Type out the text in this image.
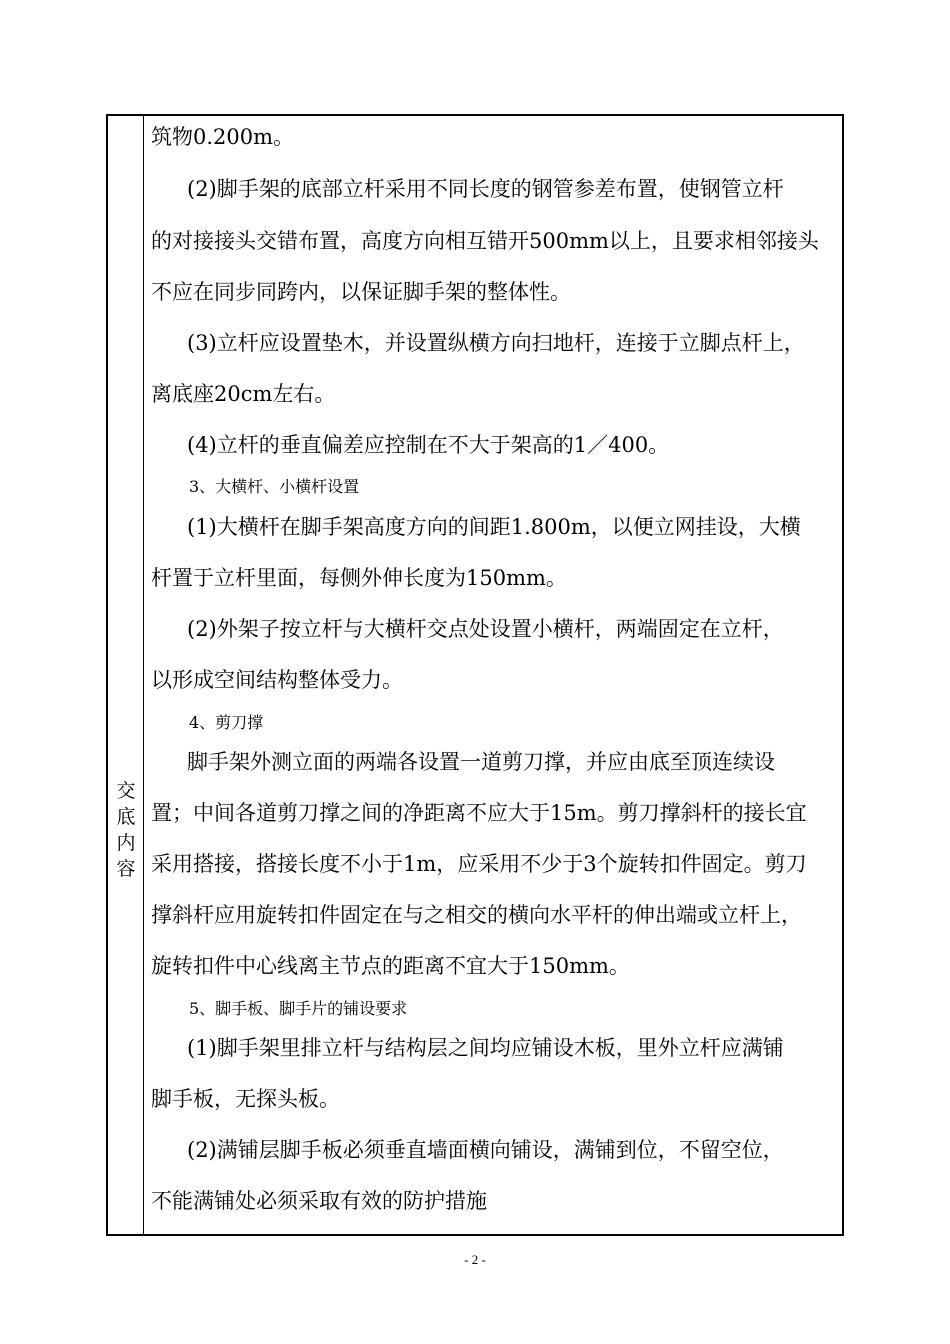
交
底
内
容
筑物0.200m。
(2)脚手架的底部立杆采用不同长度的钢管参差布置，使钢管立杆
的对接接头交错布置，高度方向相互错开500mm以上，且要求相邻接头
不应在同步同跨内，以保证脚手架的整体性。
(3)立杆应设置垫木，并设置纵横方向扫地杆，连接于立脚点杆上，
离底座20cm左右。
(4)立杆的垂直偏差应控制在不大于架高的1／400。
3、大横杆、小横杆设置
(1)大横杆在脚手架高度方向的间距1.800m，以便立网挂设，大横
杆置于立杆里面，每侧外伸长度为150mm。
(2)外架子按立杆与大横杆交点处设置小横杆，两端固定在立杆，
以形成空间结构整体受力。
4、剪刀撑
脚手架外测立面的两端各设置一道剪刀撑，并应由底至顶连续设
置；中间各道剪刀撑之间的净距离不应大于15m。剪刀撑斜杆的接长宜
采用搭接，搭接长度不小于1m，应采用不少于3个旋转扣件固定。剪刀
撑斜杆应用旋转扣件固定在与之相交的横向水平杆的伸出端或立杆上，
旋转扣件中心线离主节点的距离不宜大于150mm。
5、脚手板、脚手片的铺设要求
(1)脚手架里排立杆与结构层之间均应铺设木板，里外立杆应满铺
脚手板，无探头板。
(2)满铺层脚手板必须垂直墙面横向铺设，满铺到位，不留空位，
不能满铺处必须采取有效的防护措施
- 2 -
